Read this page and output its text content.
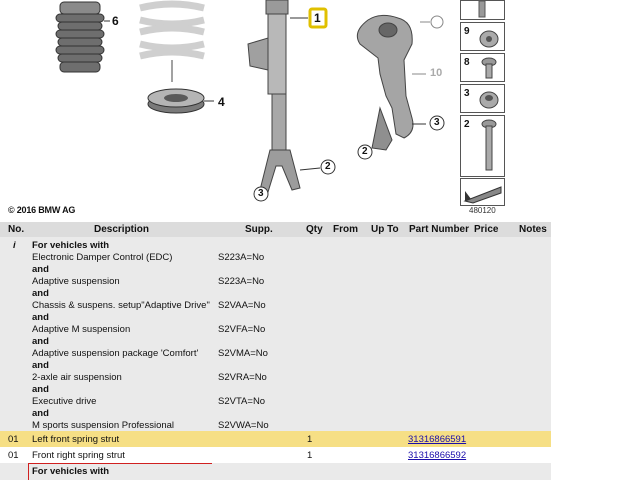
6	1
4
2
3
10
3
2
© 2016 BMW AG
9
8
3
2
480120
No.	Description	Supp.	Qty From Up To Part Number Price Notes
i For vehicles with
Electronic Damper Control (EDC)	S223A=No
and
Adaptive suspension	S223A=No
and
Chassis & suspens. setup"Adaptive Drive" S2VAA=No
and
Adaptive M suspension	S2VFA=No
and
Adaptive suspension package 'Comfort' S2VMA=No
and
2-axle air suspension	S2VRA=No
and
Executive drive	S2VTA=No
and
M sports suspension Professional	S2VWA=No
01 Left front spring strut	1	31316866591
01 Front right spring strut	1	31316866592
For vehicles with
